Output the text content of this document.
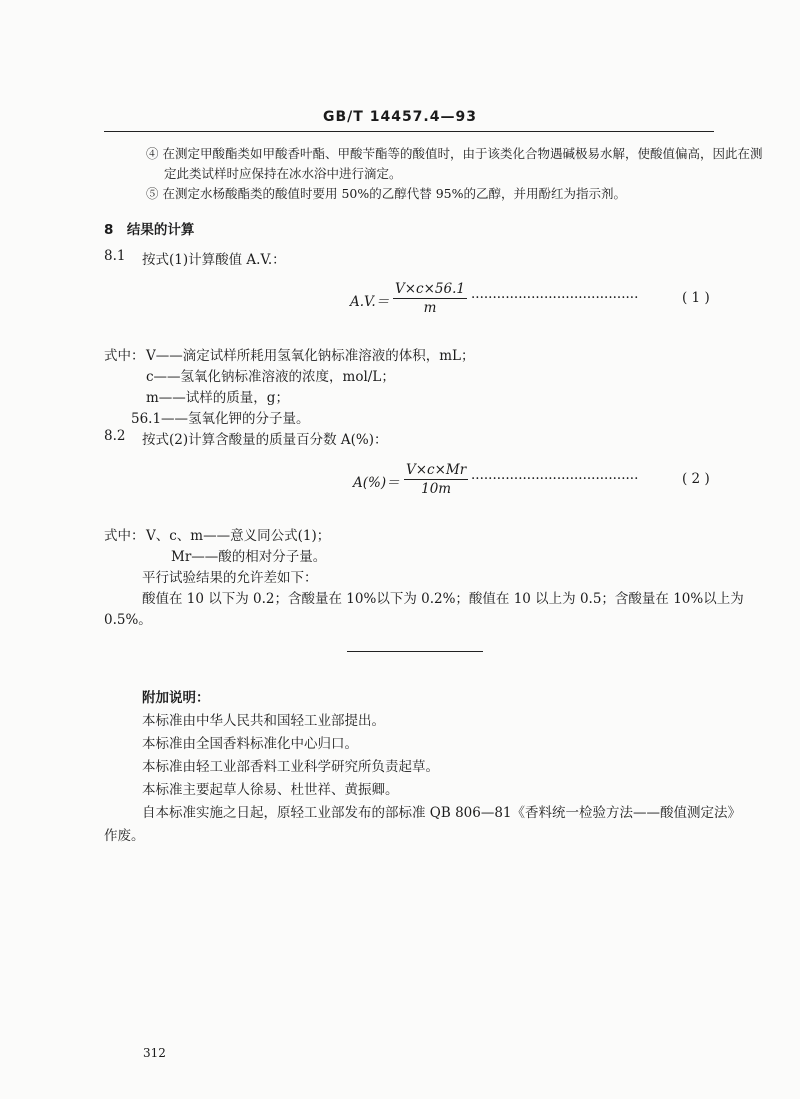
GB/T 14457.4—93
④ 在测定甲酸酯类如甲酸香叶酯、甲酸苄酯等的酸值时，由于该类化合物遇碱极易水解，使酸值偏高，因此在测
定此类试样时应保持在冰水浴中进行滴定。
⑤ 在测定水杨酸酯类的酸值时要用 50%的乙醇代替 95%的乙醇，并用酚红为指示剂。
8　结果的计算
8.1 按式(1)计算酸值 A.V.：
$A.V.= \frac{V\times c\times 56.1}{m}$ ·······································	( 1 )
式中： V——滴定试样所耗用氢氧化钠标准溶液的体积，mL；
c——氢氧化钠标准溶液的浓度，mol/L；
m——试样的质量，g；
56.1——氢氧化钾的分子量。
8.2 按式(2)计算含酸量的质量百分数 A(%)：
$A(\%)= \frac{V\times c\times Mr}{10m}$ ·······································	( 2 )
式中： V、c、m——意义同公式(1)；
Mr——酸的相对分子量。
平行试验结果的允许差如下：
酸值在 10 以下为 0.2；含酸量在 10%以下为 0.2%；酸值在 10 以上为 0.5；含酸量在 10%以上为
0.5%。
附加说明：
本标准由中华人民共和国轻工业部提出。
本标准由全国香料标准化中心归口。
本标准由轻工业部香料工业科学研究所负责起草。
本标准主要起草人徐易、杜世祥、黄振卿。
自本标准实施之日起，原轻工业部发布的部标准 QB 806—81《香料统一检验方法——酸值测定法》
作废。
312
